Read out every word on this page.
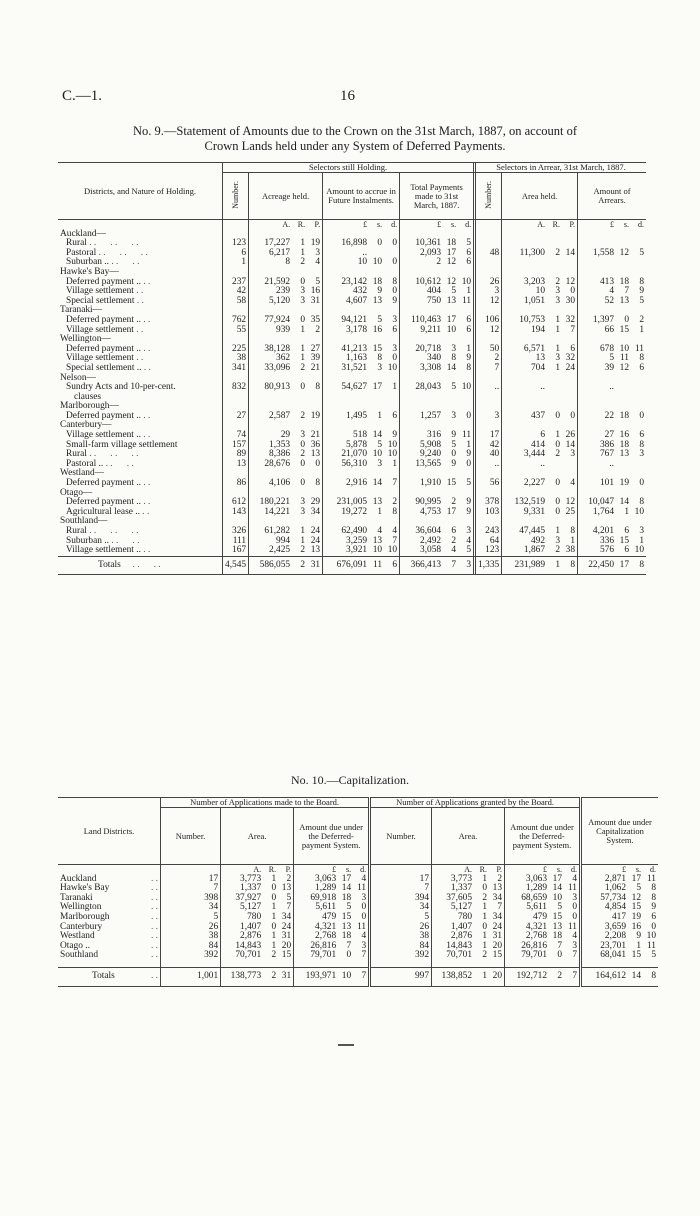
C.—1.	16
No. 9.—Statement of Amounts due to the Crown on the 31st March, 1887, on account of
Crown Lands held under any System of Deferred Payments.
Districts, and Nature of Holding.	Selectors still Holding.				Selectors in Arrear, 31st March, 1887.		
	Number.	Acreage held.	Amount to accrue in Future Instalments.	Total Payments made to 31st March, 1887.	Number.	Area held.	Amount of Arrears.
		A. R. P.	£ s. d.	£ s. d.		A. R. P.	£ s. d.
Auckland—							
Rural . .      . .      . .	123	17,227 1 19	16,898 0 0	10,361 18 5			
Pastoral . .      . .      . .	6	6,217 1 3	..	2,093 17 6	48	11,300 2 14	1,558 12 5
Suburban .. . .      . .	1	8 2 4	10 10 0	2 12 6			
Hawke's Bay—							
Deferred payment .. . .	237	21,592 0 5	23,142 18 8	10,612 12 10	26	3,203 2 12	413 18 8
Village settlement . .	42	239 3 16	432 9 0	404 5 1	3	10 3 0	4 7 9
Special settlement . .	58	5,120 3 31	4,607 13 9	750 13 11	12	1,051 3 30	52 13 5
Taranaki—							
Deferred payment .. . .	762	77,924 0 35	94,121 5 3	110,463 17 6	106	10,753 1 32	1,397 0 2
Village settlement . .	55	939 1 2	3,178 16 6	9,211 10 6	12	194 1 7	66 15 1
Wellington—							
Deferred payment .. . .	225	38,128 1 27	41,213 15 3	20,718 3 1	50	6,571 1 6	678 10 11
Village settlement . .	38	362 1 39	1,163 8 0	340 8 9	2	13 3 32	5 11 8
Special settlement .. . .	341	33,096 2 21	31,521 3 10	3,308 14 8	7	704 1 24	39 12 6
Nelson—							
Sundry Acts and 10-per-cent.	832	80,913 0 8	54,627 17 1	28,043 5 10	..	..	..
clauses							
Marlborough—							
Deferred payment .. . .	27	2,587 2 19	1,495 1 6	1,257 3 0	3	437 0 0	22 18 0
Canterbury—							
Village settlement .. . .	74	29 3 21	518 14 9	316 9 11	17	6 1 26	27 16 6
Small-farm village settlement	157	1,353 0 36	5,878 5 10	5,908 5 1	42	414 0 14	386 18 8
Rural . .      . .      . .	89	8,386 2 13	21,070 10 10	9,240 0 9	40	3,444 2 3	767 13 3
Pastoral .. . .      . .	13	28,676 0 0	56,310 3 1	13,565 9 0	..	..	..
Westland—							
Deferred payment .. . .	86	4,106 0 8	2,916 14 7	1,910 15 5	56	2,227 0 4	101 19 0
Otago—							
Deferred payment .. . .	612	180,221 3 29	231,005 13 2	90,995 2 9	378	132,519 0 12	10,047 14 8
Agricultural lease .. . .	143	14,221 3 34	19,272 1 8	4,753 17 9	103	9,331 0 25	1,764 1 10
Southland—							
Rural . .      . .      . .	326	61,282 1 24	62,490 4 4	36,604 6 3	243	47,445 1 8	4,201 6 3
Suburban .. . .      . .	111	994 1 24	3,259 13 7	2,492 2 4	64	492 3 1	336 15 1
Village settlement .. . .	167	2,425 2 13	3,921 10 10	3,058 4 5	123	1,867 2 38	576 6 10
Totals     . .      . .	4,545	586,055 2 31	676,091 11 6	366,413 7 3	1,335	231,989 1 8	22,450 17 8
No. 10.—Capitalization.
Land Districts.	Number of Applications made to the Board.			Number of Applications granted by the Board.			Amount due under Capitalization System.
	Number.	Area.	Amount due under the Deferred-payment System.	Number.	Area.	Amount due under the Deferred-payment System.	
		A. R. P.	£ s. d.		A. R. P.	£ s. d.	£ s. d.
Auckland . .	17	3,773 1 2	3,063 17 4	17	3,773 1 2	3,063 17 4	2,871 17 11
Hawke's Bay . .	7	1,337 0 13	1,289 14 11	7	1,337 0 13	1,289 14 11	1,062 5 8
Taranaki . .	398	37,927 0 5	69,918 18 3	394	37,605 2 34	68,659 10 3	57,734 12 8
Wellington . .	34	5,127 1 7	5,611 5 0	34	5,127 1 7	5,611 5 0	4,854 15 9
Marlborough . .	5	780 1 34	479 15 0	5	780 1 34	479 15 0	417 19 6
Canterbury . .	26	1,407 0 24	4,321 13 11	26	1,407 0 24	4,321 13 11	3,659 16 0
Westland . .	38	2,876 1 31	2,768 18 4	38	2,876 1 31	2,768 18 4	2,208 9 10
Otago .. . .	84	14,843 1 20	26,816 7 3	84	14,843 1 20	26,816 7 3	23,701 1 11
Southland . .	392	70,701 2 15	79,701 0 7	392	70,701 2 15	79,701 0 7	68,041 15 5

Totals . .	1,001	138,773 2 31	193,971 10 7	997	138,852 1 20	192,712 2 7	164,612 14 8
